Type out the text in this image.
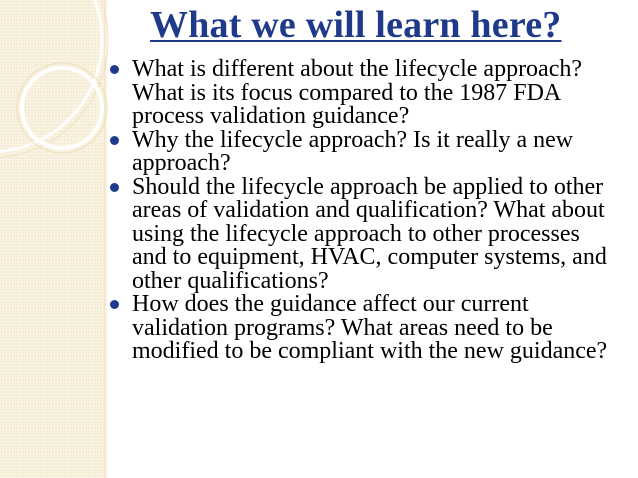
What we will learn here?
What is different about the lifecycle approach? What is its focus compared to the 1987 FDA process validation guidance?
Why the lifecycle approach? Is it really a new approach?
Should the lifecycle approach be applied to other areas of validation and qualification? What about using the lifecycle approach to other processes and to equipment, HVAC, computer systems, and other qualifications?
How does the guidance affect our current validation programs? What areas need to be modified to be compliant with the new guidance?
